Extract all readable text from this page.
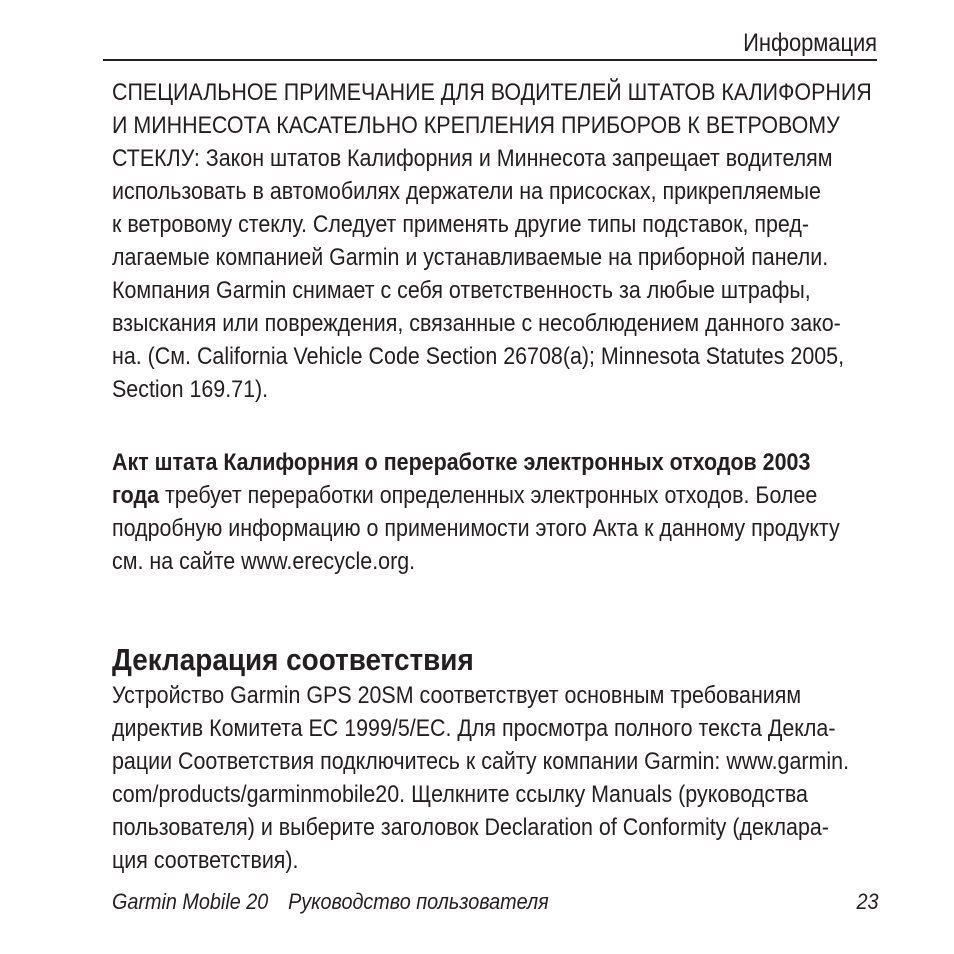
Информация
СПЕЦИАЛЬНОЕ ПРИМЕЧАНИЕ ДЛЯ ВОДИТЕЛЕЙ ШТАТОВ КАЛИФОРНИЯ
И МИННЕСОТА КАСАТЕЛЬНО КРЕПЛЕНИЯ ПРИБОРОВ К ВЕТРОВОМУ
СТЕКЛУ: Закон штатов Калифорния и Миннесота запрещает водителям
использовать в автомобилях держатели на присосках, прикрепляемые
к ветровому стеклу. Следует применять другие типы подставок, пред-
лагаемые компанией Garmin и устанавливаемые на приборной панели.
Компания Garmin снимает с себя ответственность за любые штрафы,
взыскания или повреждения, связанные с несоблюдением данного зако-
на. (См. California Vehicle Code Section 26708(a); Minnesota Statutes 2005,
Section 169.71).
Акт штата Калифорния о переработке электронных отходов 2003
года требует переработки определенных электронных отходов. Более
подробную информацию о применимости этого Акта к данному продукту
см. на сайте www.erecycle.org.
Декларация соответствия
Устройство Garmin GPS 20SM соответствует основным требованиям
директив Комитета ЕС 1999/5/EC. Для просмотра полного текста Декла-
рации Соответствия подключитесь к сайту компании Garmin: www.garmin.
com/products/garminmobile20. Щелкните ссылку Manuals (руководства
пользователя) и выберите заголовок Declaration of Conformity (деклара-
ция соответствия).
Garmin Mobile 20 Руководство пользователя	23
